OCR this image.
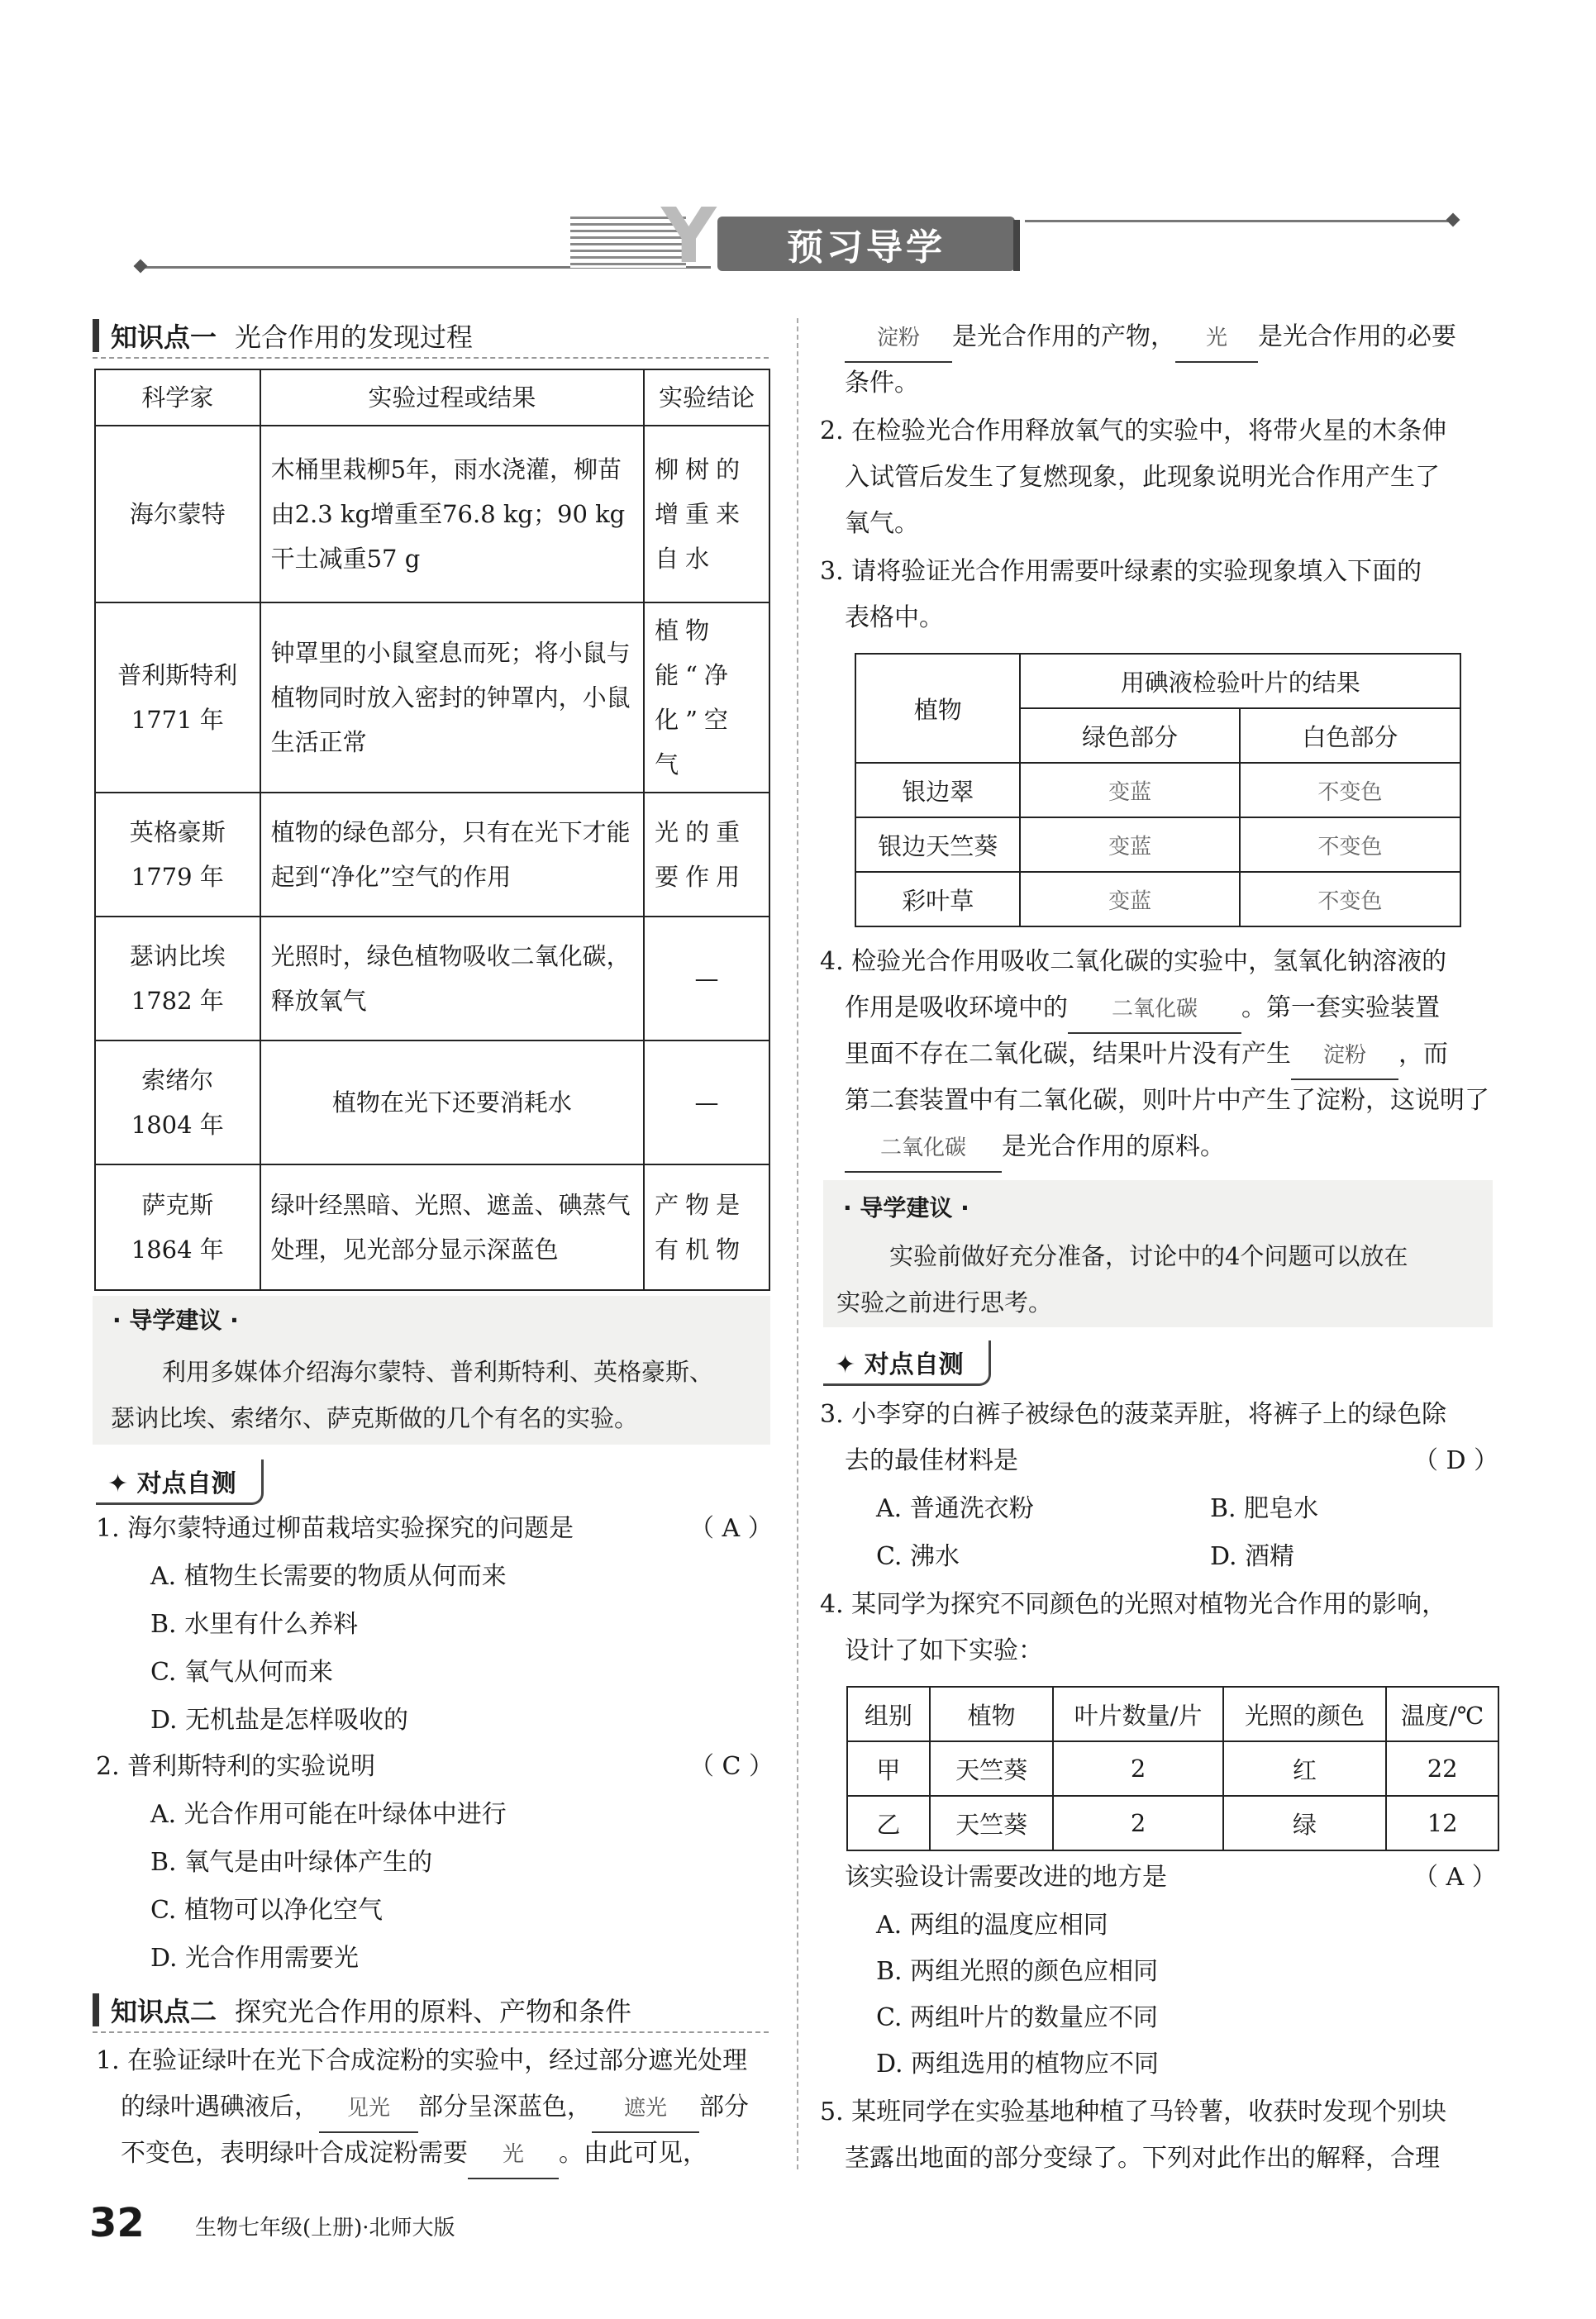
Y 预习导学
知识点一 光合作用的发现过程
科学家	实验过程或结果	实验结论

海尔蒙特	木桶里栽柳5年，雨水浇灌，柳苗由2.3 kg增重至76.8 kg；90 kg干土减重57 g	柳树的增重来自水

普利斯特利
1771 年	钟罩里的小鼠窒息而死；将小鼠与植物同时放入密封的钟罩内，小鼠生活正常	植物能“净化”空气

英格豪斯
1779 年	植物的绿色部分，只有在光下才能起到“净化”空气的作用	光的重要作用

瑟讷比埃
1782 年	光照时，绿色植物吸收二氧化碳，释放氧气	—

索绪尔
1804 年	植物在光下还要消耗水	—

萨克斯
1864 年	绿叶经黑暗、光照、遮盖、碘蒸气处理，见光部分显示深蓝色	产物是有机物
· 导学建议 ·
利用多媒体介绍海尔蒙特、普利斯特利、英格豪斯、
瑟讷比埃、索绪尔、萨克斯做的几个有名的实验。
✦ 对点自测
1. 海尔蒙特通过柳苗栽培实验探究的问题是	（ A ）
A. 植物生长需要的物质从何而来
B. 水里有什么养料
C. 氧气从何而来
D. 无机盐是怎样吸收的
2. 普利斯特利的实验说明	（ C ）
A. 光合作用可能在叶绿体中进行
B. 氧气是由叶绿体产生的
C. 植物可以净化空气
D. 光合作用需要光
知识点二 探究光合作用的原料、产物和条件
1. 在验证绿叶在光下合成淀粉的实验中，经过部分遮光处理
的绿叶遇碘液后， 见光 部分呈深蓝色， 遮光 部分
不变色，表明绿叶合成淀粉需要 光 。由此可见，
淀粉 是光合作用的产物， 光 是光合作用的必要
条件。
2. 在检验光合作用释放氧气的实验中，将带火星的木条伸
入试管后发生了复燃现象，此现象说明光合作用产生了
氧气。
3. 请将验证光合作用需要叶绿素的实验现象填入下面的
表格中。
植物	用碘液检验叶片的结果	
	绿色部分	白色部分
银边翠	变蓝	不变色
银边天竺葵	变蓝	不变色
彩叶草	变蓝	不变色
4. 检验光合作用吸收二氧化碳的实验中，氢氧化钠溶液的
作用是吸收环境中的 二氧化碳 。第一套实验装置
里面不存在二氧化碳，结果叶片没有产生 淀粉 ，而
第二套装置中有二氧化碳，则叶片中产生了淀粉，这说明了
二氧化碳 是光合作用的原料。
· 导学建议 ·
实验前做好充分准备，讨论中的4个问题可以放在
实验之前进行思考。
✦ 对点自测
3. 小李穿的白裤子被绿色的菠菜弄脏，将裤子上的绿色除
去的最佳材料是	（ D ）
A. 普通洗衣粉	B. 肥皂水
C. 沸水	D. 酒精
4. 某同学为探究不同颜色的光照对植物光合作用的影响，
设计了如下实验：
组别	植物	叶片数量/片	光照的颜色	温度/℃
甲	天竺葵	2	红	22
乙	天竺葵	2	绿	12
该实验设计需要改进的地方是	（ A ）
A. 两组的温度应相同
B. 两组光照的颜色应相同
C. 两组叶片的数量应不同
D. 两组选用的植物应不同
5. 某班同学在实验基地种植了马铃薯，收获时发现个别块
茎露出地面的部分变绿了。下列对此作出的解释，合理
32 生物七年级(上册)·北师大版
